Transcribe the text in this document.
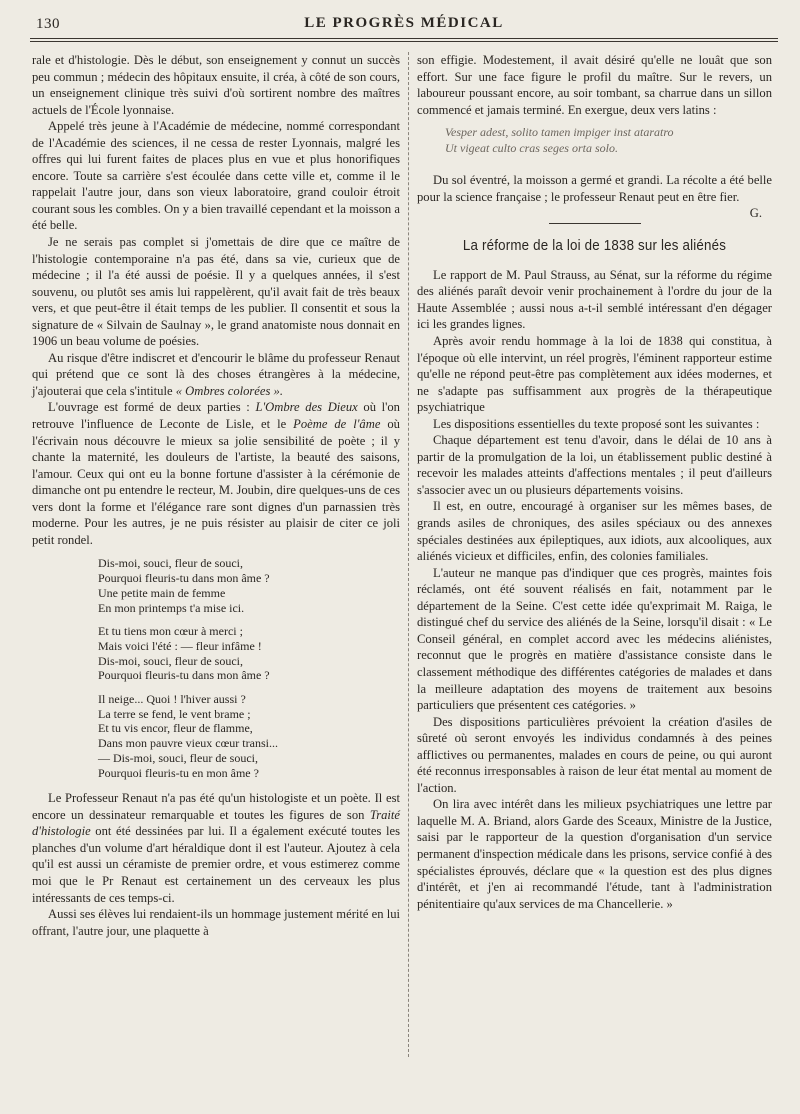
130	LE PROGRÈS MÉDICAL

rale et d'histologie. Dès le début, son enseignement y connut un succès peu commun ; médecin des hôpitaux ensuite, il créa, à côté de son cours, un enseignement clinique très suivi d'où sortirent nombre des maîtres actuels de l'École lyonnaise.

Appelé très jeune à l'Académie de médecine, nommé correspondant de l'Académie des sciences, il ne cessa de rester Lyonnais, malgré les offres qui lui furent faites de places plus en vue et plus honorifiques encore. Toute sa carrière s'est écoulée dans cette ville et, comme il le rappelait l'autre jour, dans son vieux laboratoire, grand couloir étroit courant sous les combles. On y a bien travaillé cependant et la moisson a été belle.

Je ne serais pas complet si j'omettais de dire que ce maître de l'histologie contemporaine n'a pas été, dans sa vie, curieux que de médecine ; il l'a été aussi de poésie. Il y a quelques années, il s'est souvenu, ou plutôt ses amis lui rappelèrent, qu'il avait fait de très beaux vers, et que peut-être il était temps de les publier. Il consentit et sous la signature de « Silvain de Saulnay », le grand anatomiste nous donnait en 1906 un beau volume de poésies.

Au risque d'être indiscret et d'encourir le blâme du professeur Renaut qui prétend que ce sont là des choses étrangères à la médecine, j'ajouterai que cela s'intitule « Ombres colorées ».

L'ouvrage est formé de deux parties : L'Ombre des Dieux où l'on retrouve l'influence de Leconte de Lisle, et le Poème de l'âme où l'écrivain nous découvre le mieux sa jolie sensibilité de poète ; il y chante la maternité, les douleurs de l'artiste, la beauté des saisons, l'amour. Ceux qui ont eu la bonne fortune d'assister à la cérémonie de dimanche ont pu entendre le recteur, M. Joubin, dire quelques-uns de ces vers dont la forme et l'élégance rare sont dignes d'un parnassien très moderne. Pour les autres, je ne puis résister au plaisir de citer ce joli petit rondel.

Dis-moi, souci, fleur de souci,
Pourquoi fleuris-tu dans mon âme ?
Une petite main de femme
En mon printemps t'a mise ici.
Et tu tiens mon cœur à merci ;
Mais voici l'été : — fleur infâme !
Dis-moi, souci, fleur de souci,
Pourquoi fleuris-tu dans mon âme ?
Il neige... Quoi ! l'hiver aussi ?
La terre se fend, le vent brame ;
Et tu vis encor, fleur de flamme,
Dans mon pauvre vieux cœur transi...
— Dis-moi, souci, fleur de souci,
Pourquoi fleuris-tu en mon âme ?

Le Professeur Renaut n'a pas été qu'un histologiste et un poète. Il est encore un dessinateur remarquable et toutes les figures de son Traité d'histologie ont été dessinées par lui. Il a également exécuté toutes les planches d'un volume d'art héraldique dont il est l'auteur. Ajoutez à cela qu'il est aussi un céramiste de premier ordre, et vous estimerez comme moi que le Pr Renaut est certainement un des cerveaux les plus intéressants de ces temps-ci.

Aussi ses élèves lui rendaient-ils un hommage justement mérité en lui offrant, l'autre jour, une plaquette à

son effigie. Modestement, il avait désiré qu'elle ne louât que son effort. Sur une face figure le profil du maître. Sur le revers, un laboureur poussant encore, au soir tombant, sa charrue dans un sillon commencé et jamais terminé. En exergue, deux vers latins :

Vesper adest, solito tamen impiger inst ataratro
Ut vigeat culto cras seges orta solo.

Du sol éventré, la moisson a germé et grandi. La récolte a été belle pour la science française ; le professeur Renaut peut en être fier.
G.

La réforme de la loi de 1838 sur les aliénés

Le rapport de M. Paul Strauss, au Sénat, sur la réforme du régime des aliénés paraît devoir venir prochainement à l'ordre du jour de la Haute Assemblée ; aussi nous a-t-il semblé intéressant d'en dégager ici les grandes lignes.

Après avoir rendu hommage à la loi de 1838 qui constitua, à l'époque où elle intervint, un réel progrès, l'éminent rapporteur estime qu'elle ne répond peut-être pas complètement aux idées modernes, et ne s'adapte pas suffisamment aux progrès de la thérapeutique psychiatrique

Les dispositions essentielles du texte proposé sont les suivantes :

Chaque département est tenu d'avoir, dans le délai de 10 ans à partir de la promulgation de la loi, un établissement public destiné à recevoir les malades atteints d'affections mentales ; il peut d'ailleurs s'associer avec un ou plusieurs départements voisins.

Il est, en outre, encouragé à organiser sur les mêmes bases, de grands asiles de chroniques, des asiles spéciaux ou des annexes spéciales destinées aux épileptiques, aux idiots, aux alcooliques, aux aliénés vicieux et difficiles, enfin, des colonies familiales.

L'auteur ne manque pas d'indiquer que ces progrès, maintes fois réclamés, ont été souvent réalisés en fait, notamment par le département de la Seine. C'est cette idée qu'exprimait M. Raiga, le distingué chef du service des aliénés de la Seine, lorsqu'il disait : « Le Conseil général, en complet accord avec les médecins aliénistes, reconnut que le progrès en matière d'assistance consiste dans le classement méthodique des différentes catégories de malades et dans la meilleure adaptation des moyens de traitement aux besoins particuliers que présentent ces catégories. »

Des dispositions particulières prévoient la création d'asiles de sûreté où seront envoyés les individus condamnés à des peines afflictives ou permanentes, malades en cours de peine, ou qui auront été reconnus irresponsables à raison de leur état mental au moment de l'action.

On lira avec intérêt dans les milieux psychiatriques une lettre par laquelle M. A. Briand, alors Garde des Sceaux, Ministre de la Justice, saisi par le rapporteur de la question d'organisation d'un service permanent d'inspection médicale dans les prisons, service confié à des spécialistes éprouvés, déclare que « la question est des plus dignes d'intérêt, et j'en ai recommandé l'étude, tant à l'administration pénitentiaire qu'aux services de ma Chancellerie. »
